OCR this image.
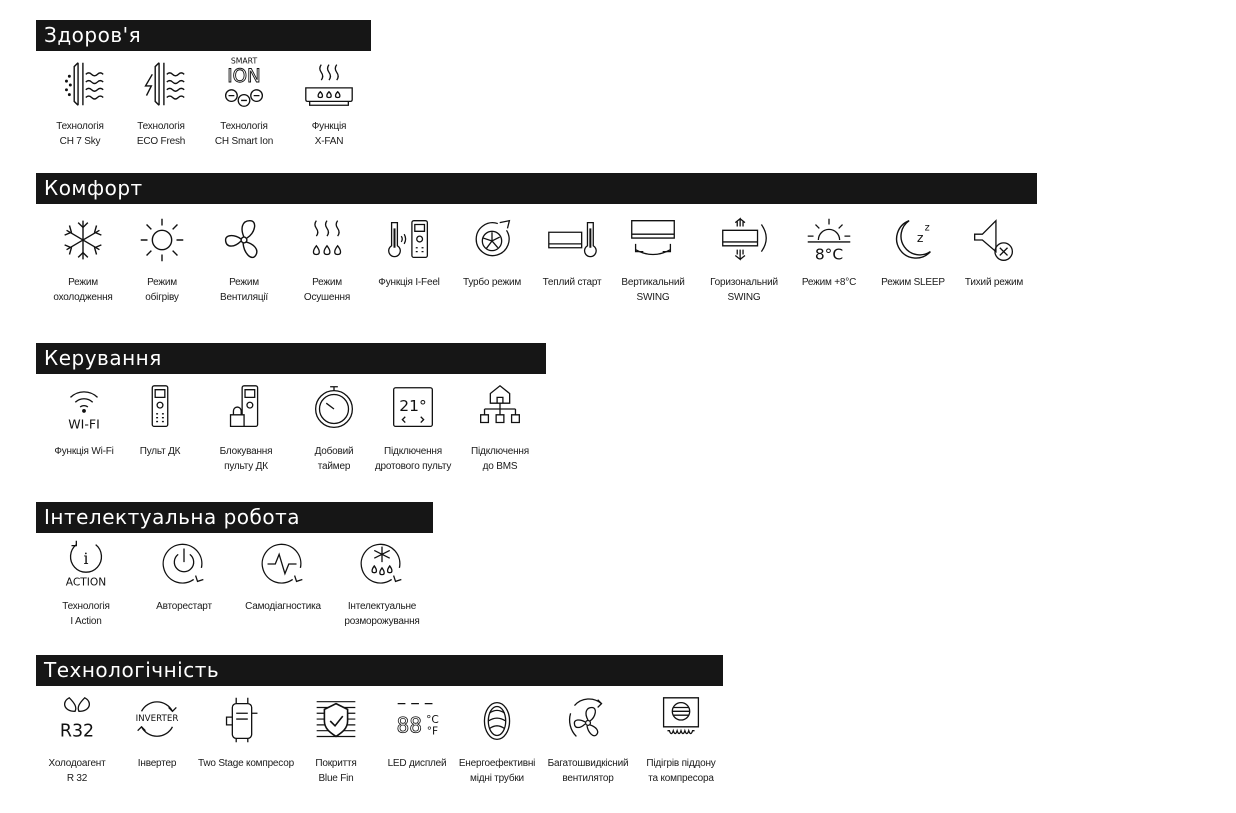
Здоров'я
Технологія
CH 7 Sky
Технологія
ECO Fresh
SMART
ION
Технологія
CH Smart Ion
Функція
X-FAN
Комфорт
Режим
охолодження
Режим
обігріву
Режим
Вентиляції
Режим
Осушення
Функція I-Feel	Турбо режим	Теплий старт	Вертикальний
SWING
Горизональний
SWING
8°C
Режим +8°С
z
z
Режим SLEEP	Тихий режим
Керування
WI-FI
Функція Wi-Fi	Пульт ДК	Блокування
пульту ДК
Добовий
таймер
21°
Підключення
дротового пульту
Підключення
до BMS
Інтелектуальна робота
i
ACTION
Технологія
I Action
Авторестарт	Самодіагностика	Інтелектуальне
розморожування
Технологічність
R32
Холодоагент
R 32
INVERTER
Інвертер	Two Stage компресор	Покриття
Blue Fin
88 °C
°F
LED дисплей	Енергоефективні
мідні трубки
Багатошвидкісний
вентилятор
Підігрів піддону
та компресора
